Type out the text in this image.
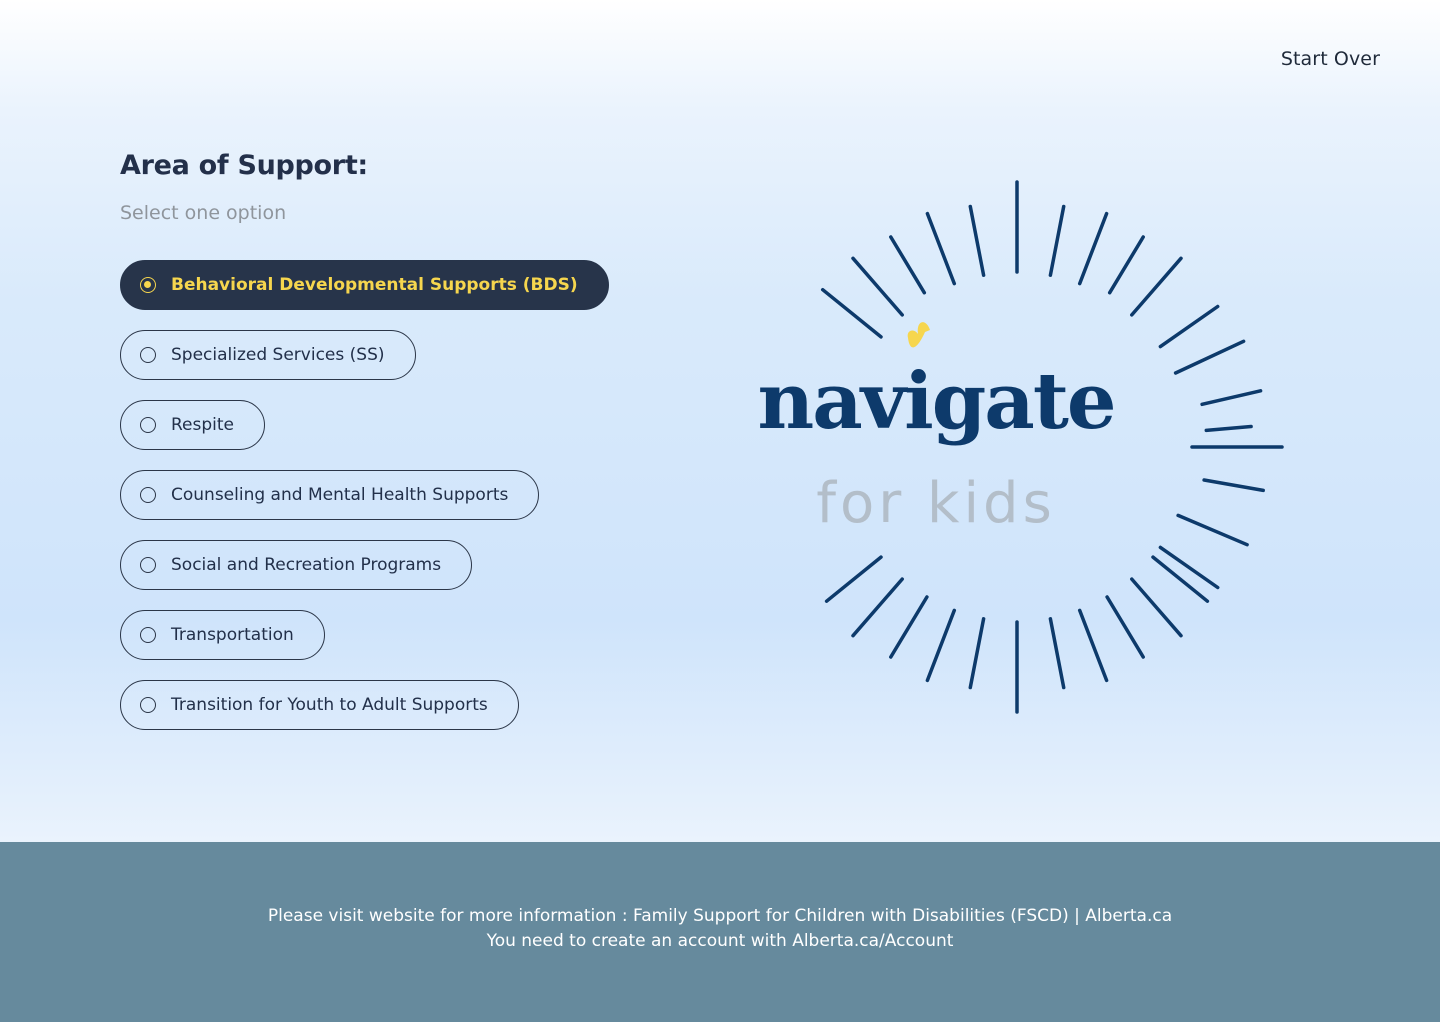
Start Over
Area of Support:
Select one option
Behavioral Developmental Supports (BDS)
Specialized Services (SS)
Respite
Counseling and Mental Health Supports
Social and Recreation Programs
Transportation
Transition for Youth to Adult Supports
navigate
for kids
Please visit website for more information : Family Support for Children with Disabilities (FSCD) | Alberta.ca
You need to create an account with Alberta.ca/Account
